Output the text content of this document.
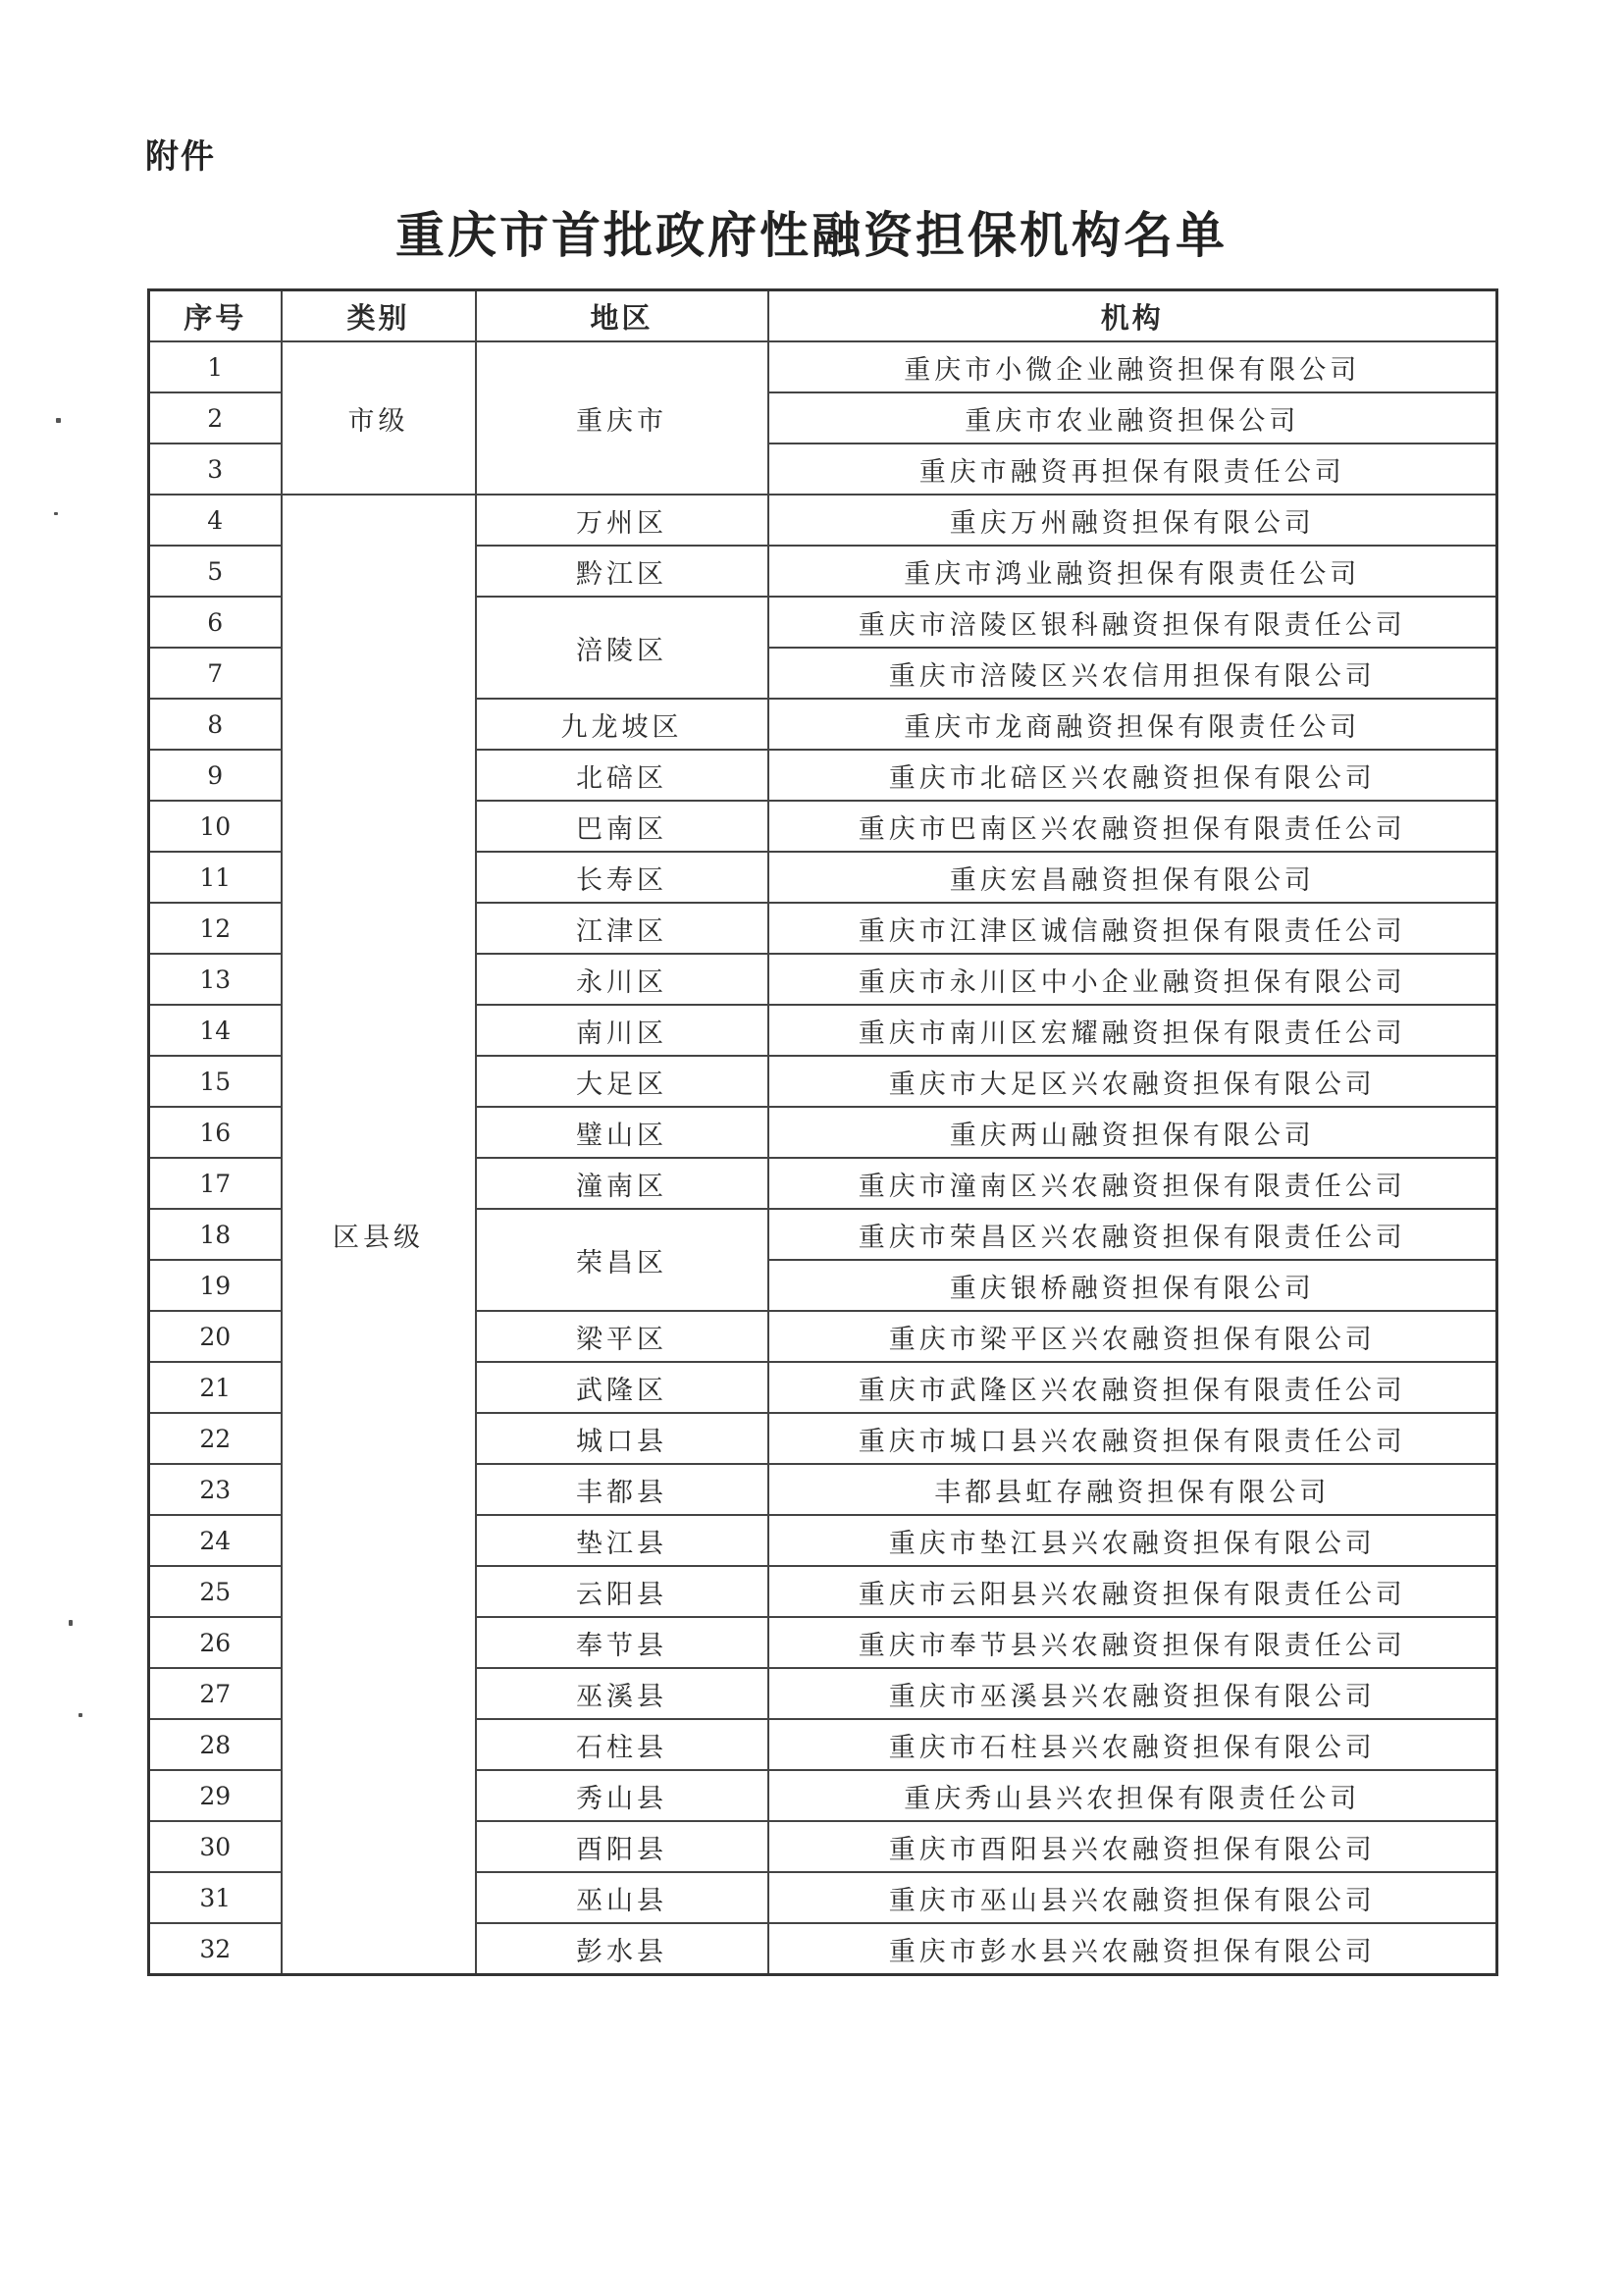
附件
重庆市首批政府性融资担保机构名单
序号	类别	地区	机构
1	市级	重庆市	重庆市小微企业融资担保有限公司
2			重庆市农业融资担保公司
3			重庆市融资再担保有限责任公司
4	区县级	万州区	重庆万州融资担保有限公司
5		黔江区	重庆市鸿业融资担保有限责任公司
6		涪陵区	重庆市涪陵区银科融资担保有限责任公司
7			重庆市涪陵区兴农信用担保有限公司
8		九龙坡区	重庆市龙商融资担保有限责任公司
9		北碚区	重庆市北碚区兴农融资担保有限公司
10		巴南区	重庆市巴南区兴农融资担保有限责任公司
11		长寿区	重庆宏昌融资担保有限公司
12		江津区	重庆市江津区诚信融资担保有限责任公司
13		永川区	重庆市永川区中小企业融资担保有限公司
14		南川区	重庆市南川区宏耀融资担保有限责任公司
15		大足区	重庆市大足区兴农融资担保有限公司
16		璧山区	重庆两山融资担保有限公司
17		潼南区	重庆市潼南区兴农融资担保有限责任公司
18		荣昌区	重庆市荣昌区兴农融资担保有限责任公司
19			重庆银桥融资担保有限公司
20		梁平区	重庆市梁平区兴农融资担保有限公司
21		武隆区	重庆市武隆区兴农融资担保有限责任公司
22		城口县	重庆市城口县兴农融资担保有限责任公司
23		丰都县	丰都县虹存融资担保有限公司
24		垫江县	重庆市垫江县兴农融资担保有限公司
25		云阳县	重庆市云阳县兴农融资担保有限责任公司
26		奉节县	重庆市奉节县兴农融资担保有限责任公司
27		巫溪县	重庆市巫溪县兴农融资担保有限公司
28		石柱县	重庆市石柱县兴农融资担保有限公司
29		秀山县	重庆秀山县兴农担保有限责任公司
30		酉阳县	重庆市酉阳县兴农融资担保有限公司
31		巫山县	重庆市巫山县兴农融资担保有限公司
32		彭水县	重庆市彭水县兴农融资担保有限公司
